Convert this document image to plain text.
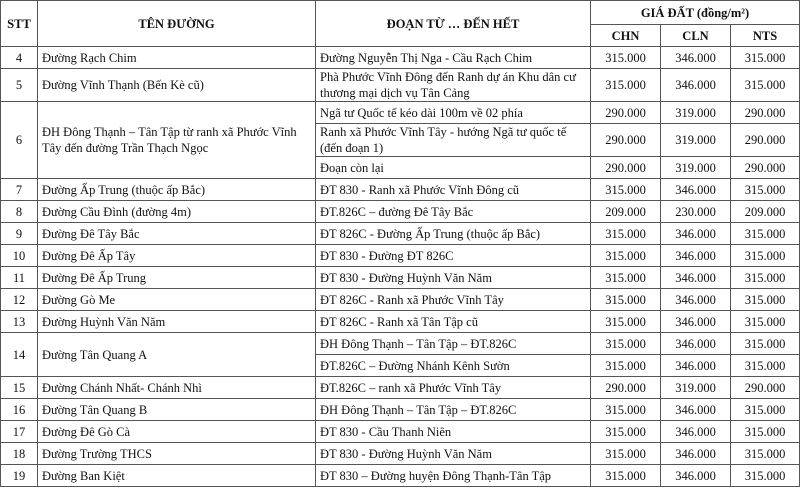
STT	TÊN ĐƯỜNG	ĐOẠN TỪ … ĐẾN HẾT	GIÁ ĐẤT (đồng/m²)		
			CHN	CLN	NTS
4	Đường Rạch Chim	Đường Nguyễn Thị Nga - Cầu Rạch Chim	315.000	346.000	315.000
5	Đường Vĩnh Thạnh (Bến Kè cũ)	Phà Phước Vĩnh Đông đến Ranh dự án Khu dân cư thương mại dịch vụ Tân Cảng	315.000	346.000	315.000
6	ĐH Đông Thạnh – Tân Tập từ ranh xã Phước Vĩnh Tây đến đường Trần Thạch Ngọc	Ngã tư Quốc tế kéo dài 100m về 02 phía	290.000	319.000	290.000
		Ranh xã Phước Vĩnh Tây - hướng Ngã tư quốc tế (đến đoạn 1)	290.000	319.000	290.000
		Đoạn còn lại	290.000	319.000	290.000
7	Đường Ấp Trung (thuộc ấp Bắc)	ĐT 830 - Ranh xã Phước Vĩnh Đông cũ	315.000	346.000	315.000
8	Đường Cầu Đình (đường 4m)	ĐT.826C – đường Đê Tây Bắc	209.000	230.000	209.000
9	Đường Đê Tây Bắc	ĐT 826C - Đường Ấp Trung (thuộc ấp Bắc)	315.000	346.000	315.000
10	Đường Đê Ấp Tây	ĐT 830 - Đường ĐT 826C	315.000	346.000	315.000
11	Đường Đê Ấp Trung	ĐT 830 - Đường Huỳnh Văn Năm	315.000	346.000	315.000
12	Đường Gò Me	ĐT 826C - Ranh xã Phước Vĩnh Tây	315.000	346.000	315.000
13	Đường Huỳnh Văn Năm	ĐT 826C - Ranh xã Tân Tập cũ	315.000	346.000	315.000
14	Đường Tân Quang A	ĐH Đông Thạnh – Tân Tập – ĐT.826C	315.000	346.000	315.000
		ĐT.826C – Đường Nhánh Kênh Sườn	315.000	346.000	315.000
15	Đường Chánh Nhất- Chánh Nhì	ĐT.826C – ranh xã Phước Vĩnh Tây	290.000	319.000	290.000
16	Đường Tân Quang B	ĐH Đông Thạnh – Tân Tập – ĐT.826C	315.000	346.000	315.000
17	Đường Đê Gò Cà	ĐT 830 - Cầu Thanh Niên	315.000	346.000	315.000
18	Đường Trường THCS	ĐT 830 - Đường Huỳnh Văn Năm	315.000	346.000	315.000
19	Đường Ban Kiệt	ĐT 830 – Đường huyện Đông Thạnh-Tân Tập	315.000	346.000	315.000
